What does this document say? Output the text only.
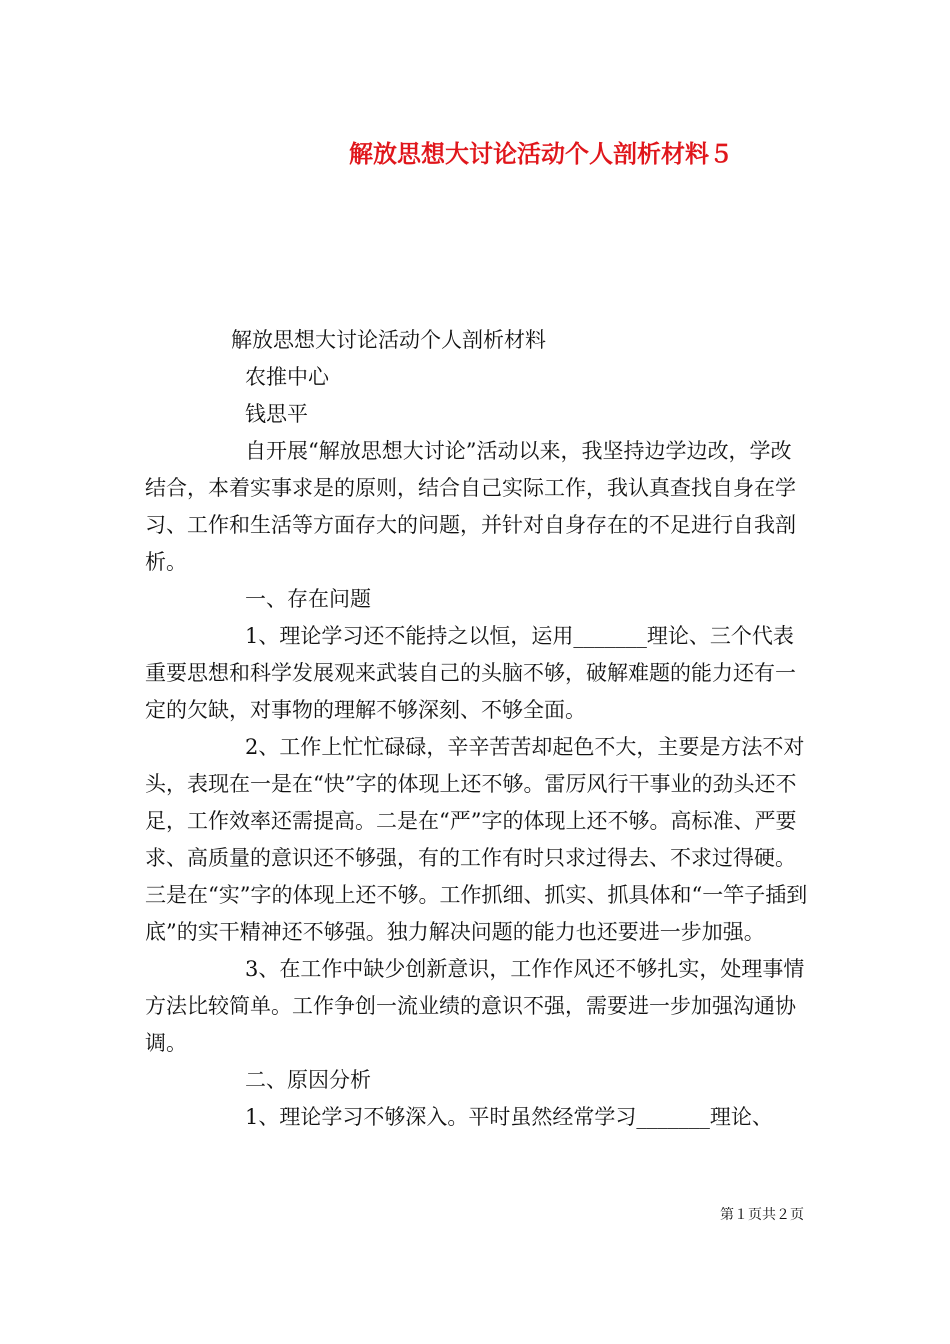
解放思想大讨论活动个人剖析材料５

解放思想大讨论活动个人剖析材料

农推中心

钱思平

自开展“解放思想大讨论”活动以来，我坚持边学边改，学改结合，本着实事求是的原则，结合自己实际工作，我认真查找自身在学习、工作和生活等方面存大的问题，并针对自身存在的不足进行自我剖析。

一、存在问题

1、理论学习还不能持之以恒，运用_______理论、三个代表重要思想和科学发展观来武装自己的头脑不够，破解难题的能力还有一定的欠缺，对事物的理解不够深刻、不够全面。

2、工作上忙忙碌碌，辛辛苦苦却起色不大，主要是方法不对头，表现在一是在“快”字的体现上还不够。雷厉风行干事业的劲头还不足，工作效率还需提高。二是在“严”字的体现上还不够。高标准、严要求、高质量的意识还不够强，有的工作有时只求过得去、不求过得硬。三是在“实”字的体现上还不够。工作抓细、抓实、抓具体和“一竿子插到底”的实干精神还不够强。独力解决问题的能力也还要进一步加强。

3、在工作中缺少创新意识，工作作风还不够扎实，处理事情方法比较简单。工作争创一流业绩的意识不强，需要进一步加强沟通协调。

二、原因分析

1、理论学习不够深入。平时虽然经常学习_______理论、

第１页共２页
